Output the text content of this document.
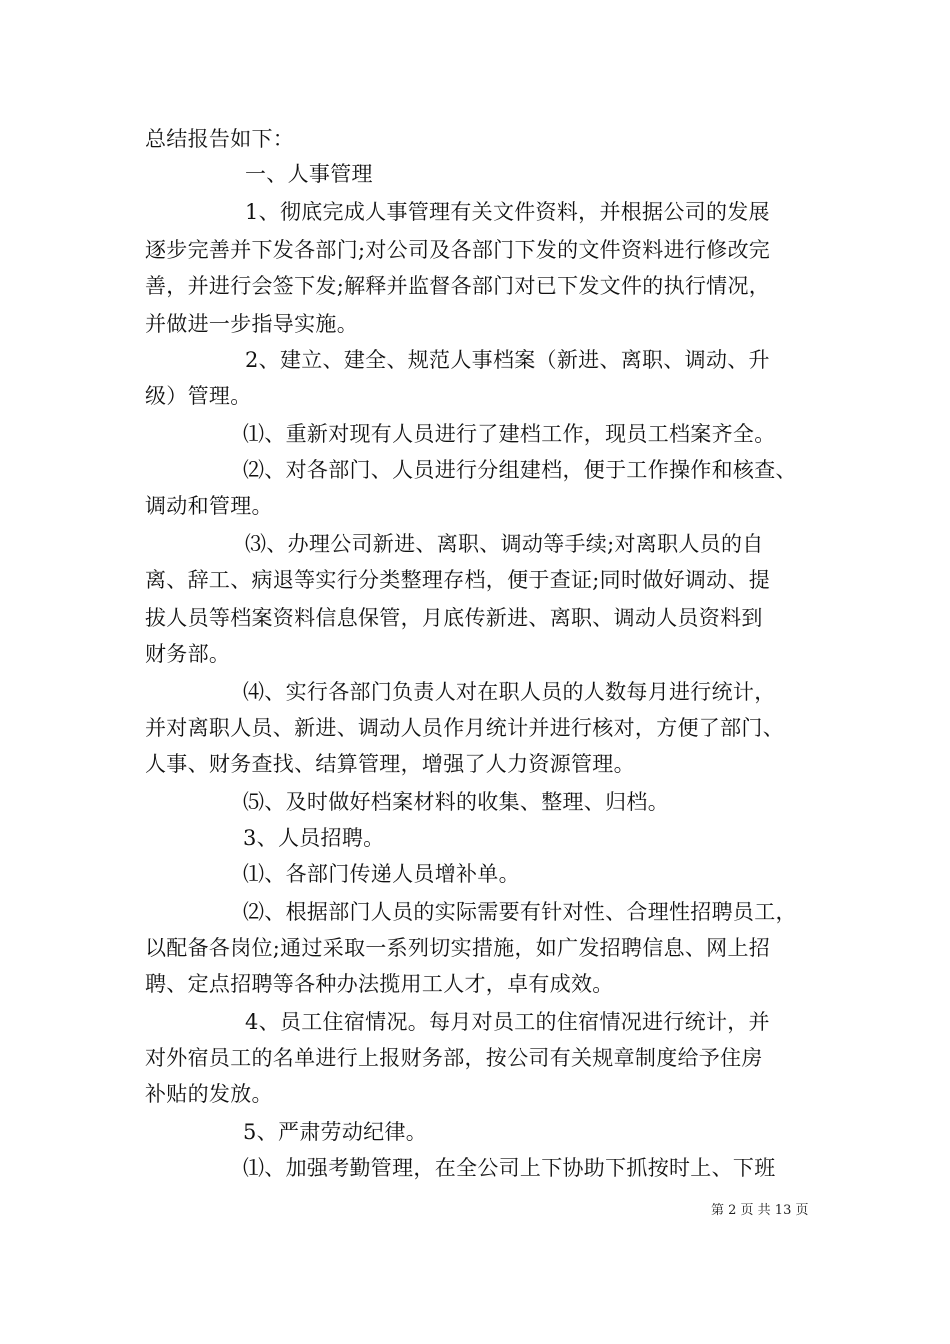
总结报告如下：
一、人事管理
1、彻底完成人事管理有关文件资料，并根据公司的发展
逐步完善并下发各部门;对公司及各部门下发的文件资料进行修改完
善，并进行会签下发;解释并监督各部门对已下发文件的执行情况，
并做进一步指导实施。
2、建立、建全、规范人事档案（新进、离职、调动、升
级）管理。
⑴、重新对现有人员进行了建档工作，现员工档案齐全。
⑵、对各部门、人员进行分组建档，便于工作操作和核查、
调动和管理。
⑶、办理公司新进、离职、调动等手续;对离职人员的自
离、辞工、病退等实行分类整理存档，便于查证;同时做好调动、提
拔人员等档案资料信息保管，月底传新进、离职、调动人员资料到
财务部。
⑷、实行各部门负责人对在职人员的人数每月进行统计，
并对离职人员、新进、调动人员作月统计并进行核对，方便了部门、
人事、财务查找、结算管理，增强了人力资源管理。
⑸、及时做好档案材料的收集、整理、归档。
3、人员招聘。
⑴、各部门传递人员增补单。
⑵、根据部门人员的实际需要有针对性、合理性招聘员工，
以配备各岗位;通过采取一系列切实措施，如广发招聘信息、网上招
聘、定点招聘等各种办法揽用工人才，卓有成效。
4、员工住宿情况。每月对员工的住宿情况进行统计，并
对外宿员工的名单进行上报财务部，按公司有关规章制度给予住房
补贴的发放。
5、严肃劳动纪律。
⑴、加强考勤管理，在全公司上下协助下抓按时上、下班
第 2 页 共 13 页
